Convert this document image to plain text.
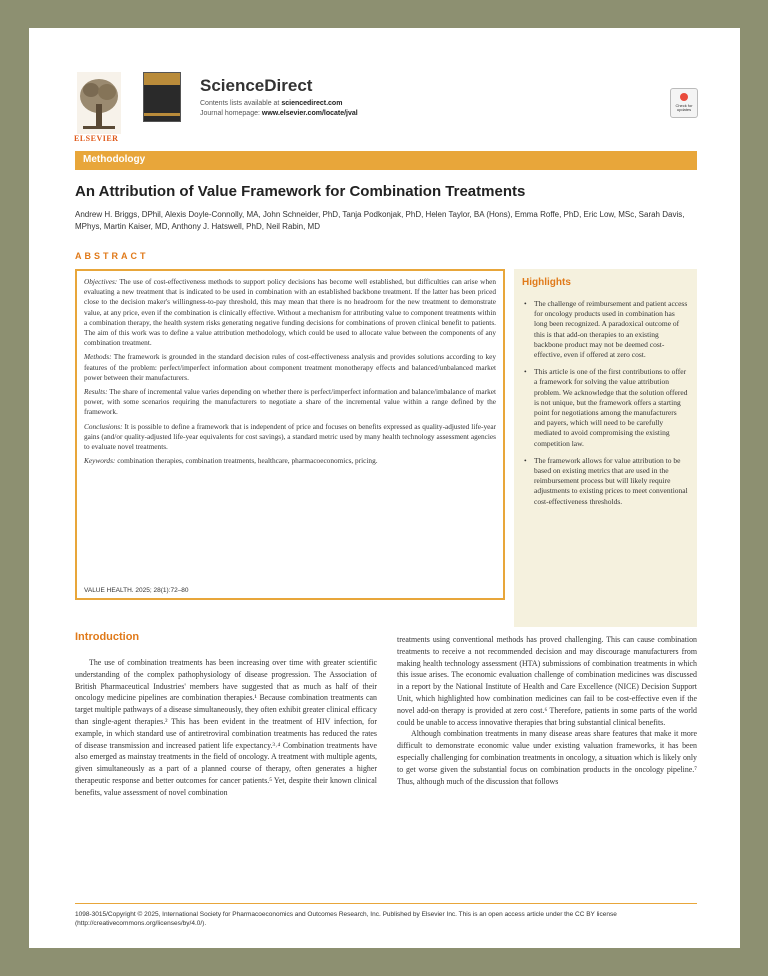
ELSEVIER
ScienceDirect
Contents lists available at sciencedirect.com
Journal homepage: www.elsevier.com/locate/jval
Check for updates
Methodology
An Attribution of Value Framework for Combination Treatments
Andrew H. Briggs, DPhil, Alexis Doyle-Connolly, MA, John Schneider, PhD, Tanja Podkonjak, PhD, Helen Taylor, BA (Hons), Emma Roffe, PhD, Eric Low, MSc, Sarah Davis, MPhys, Martin Kaiser, MD, Anthony J. Hatswell, PhD, Neil Rabin, MD
ABSTRACT

Objectives: The use of cost-effectiveness methods to support policy decisions has become well established, but difficulties can arise when evaluating a new treatment that is indicated to be used in combination with an established backbone treatment. If the latter has been priced close to the decision maker's willingness-to-pay threshold, this may mean that there is no headroom for the new treatment to demonstrate value, at any price, even if the combination is clinically effective. Without a mechanism for attributing value to component treatments within a combination therapy, the health system risks generating negative funding decisions for combinations of proven clinical benefit to patients. The aim of this work was to define a value attribution methodology, which could be used to allocate value between the components of any combination treatment.

Methods: The framework is grounded in the standard decision rules of cost-effectiveness analysis and provides solutions according to key features of the problem: perfect/imperfect information about component treatment monotherapy effects and balanced/unbalanced market power between their manufacturers.

Results: The share of incremental value varies depending on whether there is perfect/imperfect information and balance/imbalance of market power, with some scenarios requiring the manufacturers to negotiate a share of the incremental value within a range defined by the framework.

Conclusions: It is possible to define a framework that is independent of price and focuses on benefits expressed as quality-adjusted life-year gains (and/or quality-adjusted life-year equivalents for cost savings), a standard metric used by many health technology assessment agencies to evaluate novel treatments.

Keywords: combination therapies, combination treatments, healthcare, pharmacoeconomics, pricing.

VALUE HEALTH. 2025; 28(1):72–80
Highlights
• The challenge of reimbursement and patient access for oncology products used in combination has long been recognized. A paradoxical outcome of this is that add-on therapies to an existing backbone product may not be deemed cost-effective, even if offered at zero cost.
• This article is one of the first contributions to offer a framework for solving the value attribution problem. We acknowledge that the solution offered is not unique, but the framework offers a starting point for negotiations among the manufacturers and payers, which will need to be carefully mediated to avoid compromising the existing competition law.
• The framework allows for value attribution to be based on existing metrics that are used in the reimbursement process but will likely require adjustments to existing prices to meet conventional cost-effectiveness thresholds.
Introduction

The use of combination treatments has been increasing over time with greater scientific understanding of the complex pathophysiology of disease progression. The Association of British Pharmaceutical Industries' members have suggested that as much as half of their oncology medicine pipelines are combination therapies.¹ Because combination treatments can target multiple pathways of a disease simultaneously, they often exhibit greater clinical efficacy than single-agent therapies.² This has been evident in the treatment of HIV infection, for example, in which standard use of antiretroviral combination treatments has reduced the rates of disease transmission and increased patient life expectancy.³˒⁴ Combination treatments have also emerged as mainstay treatments in the field of oncology. A treatment with multiple agents, given simultaneously as a part of a planned course of therapy, often generates a higher therapeutic response and better outcomes for cancer patients.⁵ Yet, despite their known clinical benefits, value assessment of novel combination

treatments using conventional methods has proved challenging. This can cause combination treatments to receive a not recommended decision and may discourage manufacturers from making health technology assessment (HTA) submissions of combination treatments in which this issue arises. The economic evaluation challenge of combination medicines was discussed in a report by the National Institute of Health and Care Excellence (NICE) Decision Support Unit, which highlighted how combination medicines can fail to be cost-effective even if the novel add-on therapy is provided at zero cost.⁶ Therefore, patients in some parts of the world could be unable to access innovative therapies that bring substantial clinical benefits.

Although combination treatments in many disease areas share features that make it more difficult to demonstrate economic value under existing valuation frameworks, it has been especially challenging for combination treatments in oncology, a situation which is likely only to get worse given the substantial focus on combination products in the oncology pipeline.⁷ Thus, although much of the discussion that follows

1098-3015/Copyright © 2025, International Society for Pharmacoeconomics and Outcomes Research, Inc. Published by Elsevier Inc. This is an open access article under the CC BY license (http://creativecommons.org/licenses/by/4.0/).
